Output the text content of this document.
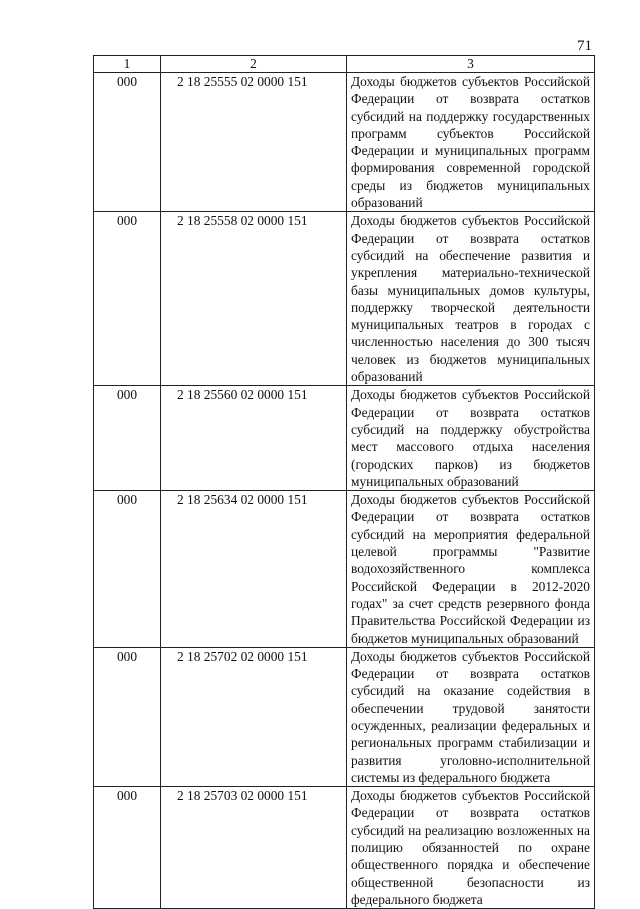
71
1	2	3
000	2 18 25555 02 0000 151	Доходы бюджетов субъектов Российской Федерации от возврата остатков субсидий на поддержку государственных программ субъектов Российской Федерации и муниципальных программ формирования современной городской среды из бюджетов муниципальных образований
000	2 18 25558 02 0000 151	Доходы бюджетов субъектов Российской Федерации от возврата остатков субсидий на обеспечение развития и укрепления материально-технической базы муниципальных домов культуры, поддержку творческой деятельности муниципальных театров в городах с численностью населения до 300 тысяч человек из бюджетов муниципальных образований
000	2 18 25560 02 0000 151	Доходы бюджетов субъектов Российской Федерации от возврата остатков субсидий на поддержку обустройства мест массового отдыха населения (городских парков) из бюджетов муниципальных образований
000	2 18 25634 02 0000 151	Доходы бюджетов субъектов Российской Федерации от возврата остатков субсидий на мероприятия федеральной целевой программы "Развитие водохозяйственного комплекса Российской Федерации в 2012-2020 годах" за счет средств резервного фонда Правительства Российской Федерации из бюджетов муниципальных образований
000	2 18 25702 02 0000 151	Доходы бюджетов субъектов Российской Федерации от возврата остатков субсидий на оказание содействия в обеспечении трудовой занятости осужденных, реализации федеральных и региональных программ стабилизации и развития уголовно-исполнительной системы из федерального бюджета
000	2 18 25703 02 0000 151	Доходы бюджетов субъектов Российской Федерации от возврата остатков субсидий на реализацию возложенных на полицию обязанностей по охране общественного порядка и обеспечение общественной безопасности из федерального бюджета
